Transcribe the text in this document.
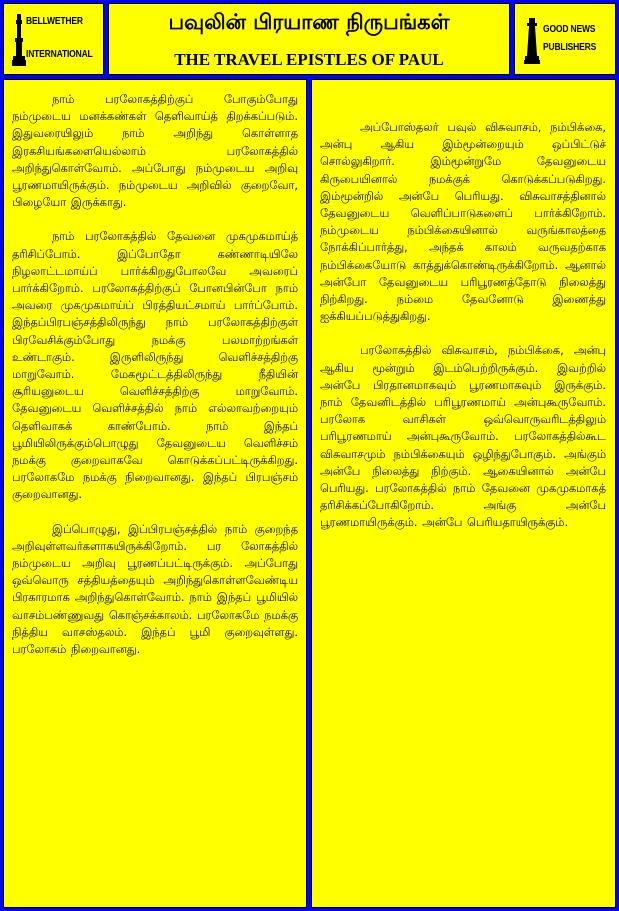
BELLWETHER
INTERNATIONAL
பவுலின் பிரயாண நிருபங்கள்
THE TRAVEL EPISTLES OF PAUL
GOOD NEWS
PUBLISHERS

நாம் பரலோகத்திற்குப் போகும்போது நம்முடைய மனக்கண்கள் தெளிவாய்த் திறக்கப்படும். இதுவரையிலும் நாம் அறிந்து கொள்ளாத இரகசியங்களையெல்லாம் பரலோகத்தில் அறிந்துகொள்வோம். அப்போது நம்முடைய அறிவு பூரணமாயிருக்கும். நம்முடைய அறிவில் குறைவோ, பிழையோ இருக்காது.

நாம் பரலோகத்தில் தேவனை முகமுகமாய்த் தரிசிப்போம். இப்போதோ கண்ணாடியிலே நிழலாட்டமாய்ப் பார்க்கிறதுபோலவே அவரைப் பார்க்கிறோம். பரலோகத்திற்குப் போனபின்போ நாம் அவரை முகமுகமாய்ப் பிரத்தியட்சமாய் பார்ப்போம். இந்தப்பிரபஞ்சத்திலிருந்து நாம் பரலோகத்திற்குள் பிரவேசிக்கும்போது நமக்கு பலமாற்றங்கள் உண்டாகும். இருளிலிருந்து வெளிச்சத்திற்கு மாறுவோம். மேகமூட்டத்திலிருந்து நீதியின் சூரியனுடைய வெளிச்சத்திற்கு மாறுவோம். தேவனுடைய வெளிச்சத்தில் நாம் எல்லாவற்றையும் தெளிவாகக் காண்போம். நாம் இந்தப் பூமியிலிருக்கும்பொழுது தேவனுடைய வெளிச்சம் நமக்கு குறைவாகவே கொடுக்கப்பட்டிருக்கிறது. பரலோகமே நமக்கு நிறைவானது. இந்தப் பிரபஞ்சம் குறைவானது.

இப்பொழுது, இப்பிரபஞ்சத்தில் நாம் குறைந்த அறிவுள்ளவர்களாகயிருக்கிறோம். பர லோகத்தில் நம்முடைய அறிவு பூரணப்பட்டிருக்கும். அப்போது ஒவ்வொரு சத்தியத்தையும் அறிந்துகொள்ளவேண்டிய பிரகாரமாக அறிந்துகொள்வோம். நாம் இந்தப் பூமியில் வாசம்பண்ணுவது கொஞ்சக்காலம். பரலோகமே நமக்கு நித்திய வாசஸ்தலம். இந்தப் பூமி குறைவுள்ளது. பரலோகம் நிறைவானது.

அப்போஸ்தலர் பவுல் விசுவாசம், நம்பிக்கை, அன்பு ஆகிய இம்மூன்றையும் ஒப்பிட்டுச் சொல்லுகிறார். இம்மூன்றுமே தேவனுடைய கிருபையினால் நமக்குக் கொடுக்கப்படுகிறது. இம்மூன்றில் அன்பே பெரியது. விசுவாசத்தினால் தேவனுடைய வெளிப்பாடுகளைப் பார்க்கிறோம். நம்முடைய நம்பிக்கையினால் வருங்காலத்தை நோக்கிப்பார்த்து, அந்தக் காலம் வருவதற்காக நம்பிக்கையோடு காத்துக்கொண்டிருக்கிறோம். ஆனால் அன்போ தேவனுடைய பரிபூரணத்தோடு நிலைத்து நிற்கிறது. நம்மை தேவனோடு இணைத்து ஐக்கியப்படுத்துகிறது.

பரலோகத்தில் விசுவாசம், நம்பிக்கை, அன்பு ஆகிய மூன்றும் இடம்பெற்றிருக்கும். இவற்றில் அன்பே பிரதானமாகவும் பூரணமாகவும் இருக்கும். நாம் தேவனிடத்தில் பரிபூரணமாய் அன்புகூருவோம். பரலோக வாசிகள் ஒவ்வொருவரிடத்திலும் பரிபூரணமாய் அன்புகூருவோம். பரலோகத்தில்கூட விசுவாசமும் நம்பிக்கையும் ஒழிந்துபோகும். அங்கும் அன்பே நிலைத்து நிற்கும். ஆகையினால் அன்பே பெரியது. பரலோகத்தில் நாம் தேவனை முகமுகமாகத் தரிசிக்கப்போகிறோம். அங்கு அன்பே பூரணமாயிருக்கும். அன்பே பெரியதாயிருக்கும்.
